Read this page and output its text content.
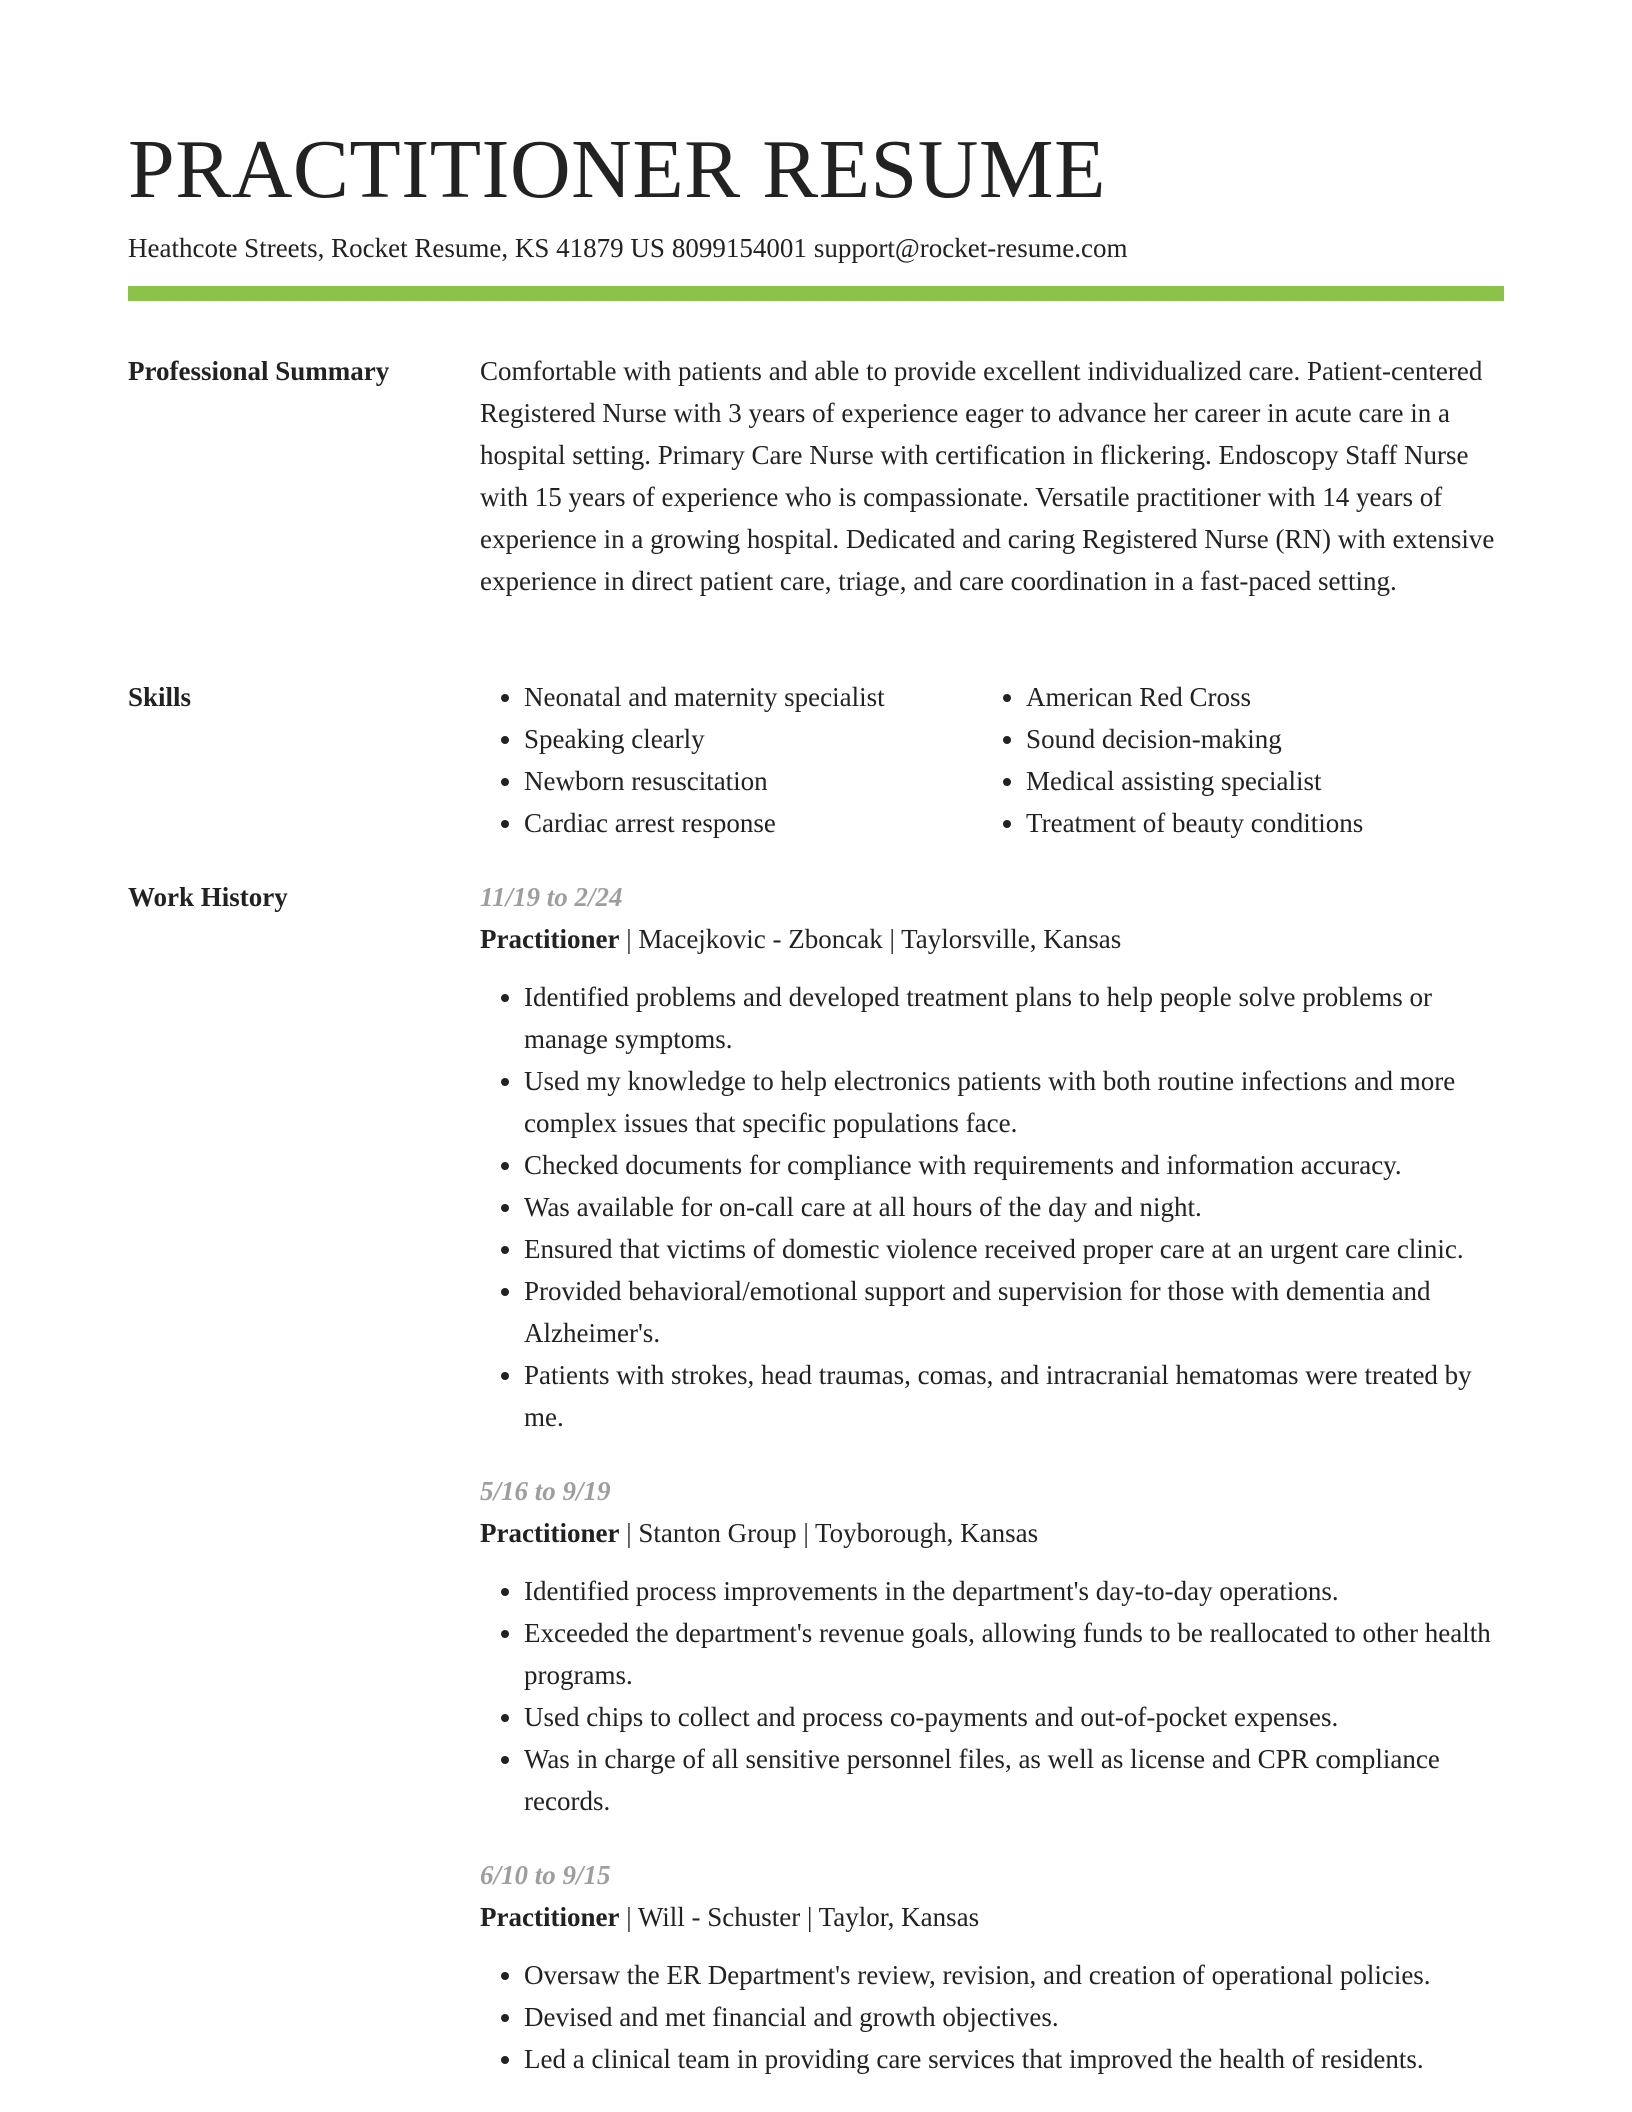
PRACTITIONER RESUME
Heathcote Streets, Rocket Resume, KS 41879 US 8099154001 support@rocket-resume.com
Professional Summary	Comfortable with patients and able to provide excellent individualized care. Patient-centered Registered Nurse with 3 years of experience eager to advance her career in acute care in a hospital setting. Primary Care Nurse with certification in flickering. Endoscopy Staff Nurse with 15 years of experience who is compassionate. Versatile practitioner with 14 years of experience in a growing hospital. Dedicated and caring Registered Nurse (RN) with extensive experience in direct patient care, triage, and care coordination in a fast-paced setting.

Skills
•	Neonatal and maternity specialist
• Speaking clearly
• Newborn resuscitation
• Cardiac arrest response
• American Red Cross
• Sound decision-making
• Medical assisting specialist
• Treatment of beauty conditions
Work History	11/19 to 2/24
Practitioner | Macejkovic - Zboncak | Taylorsville, Kansas
• Identified problems and developed treatment plans to help people solve problems or manage symptoms.
• Used my knowledge to help electronics patients with both routine infections and more complex issues that specific populations face.
• Checked documents for compliance with requirements and information accuracy.
• Was available for on-call care at all hours of the day and night.
• Ensured that victims of domestic violence received proper care at an urgent care clinic.
• Provided behavioral/emotional support and supervision for those with dementia and Alzheimer's.
• Patients with strokes, head traumas, comas, and intracranial hematomas were treated by me.
5/16 to 9/19
Practitioner | Stanton Group | Toyborough, Kansas
• Identified process improvements in the department's day-to-day operations.
• Exceeded the department's revenue goals, allowing funds to be reallocated to other health programs.
• Used chips to collect and process co-payments and out-of-pocket expenses.
• Was in charge of all sensitive personnel files, as well as license and CPR compliance records.
6/10 to 9/15
Practitioner | Will - Schuster | Taylor, Kansas
• Oversaw the ER Department's review, revision, and creation of operational policies.
• Devised and met financial and growth objectives.
• Led a clinical team in providing care services that improved the health of residents.
